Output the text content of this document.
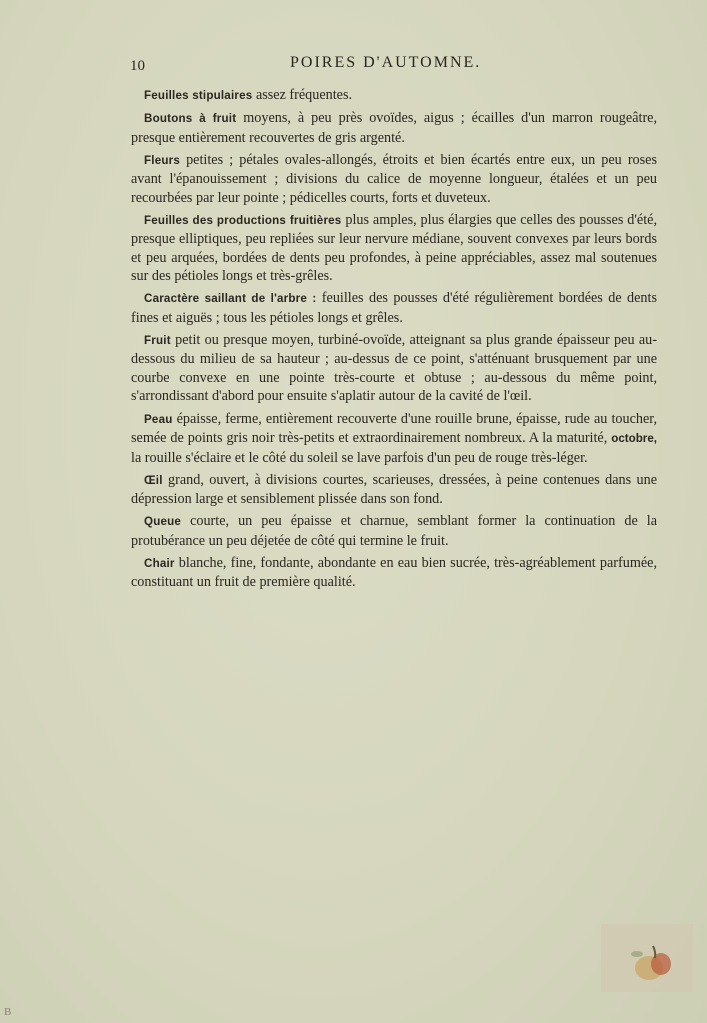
10	POIRES D'AUTOMNE.

Feuilles stipulaires assez fréquentes.

Boutons à fruit moyens, à peu près ovoïdes, aigus ; écailles d'un marron rougeâtre, presque entièrement recouvertes de gris argenté.

Fleurs petites ; pétales ovales-allongés, étroits et bien écartés entre eux, un peu roses avant l'épanouissement ; divisions du calice de moyenne longueur, étalées et un peu recourbées par leur pointe ; pédicelles courts, forts et duveteux.

Feuilles des productions fruitières plus amples, plus élargies que celles des pousses d'été, presque elliptiques, peu repliées sur leur nervure médiane, souvent convexes par leurs bords et peu arquées, bordées de dents peu profondes, à peine appréciables, assez mal soutenues sur des pétioles longs et très-grêles.

Caractère saillant de l'arbre : feuilles des pousses d'été régulièrement bordées de dents fines et aiguës ; tous les pétioles longs et grêles.

Fruit petit ou presque moyen, turbiné-ovoïde, atteignant sa plus grande épaisseur peu au-dessous du milieu de sa hauteur ; au-dessus de ce point, s'atténuant brusquement par une courbe convexe en une pointe très-courte et obtuse ; au-dessous du même point, s'arrondissant d'abord pour ensuite s'aplatir autour de la cavité de l'œil.

Peau épaisse, ferme, entièrement recouverte d'une rouille brune, épaisse, rude au toucher, semée de points gris noir très-petits et extraordinairement nombreux. A la maturité, octobre, la rouille s'éclaire et le côté du soleil se lave parfois d'un peu de rouge très-léger.

Œil grand, ouvert, à divisions courtes, scarieuses, dressées, à peine contenues dans une dépression large et sensiblement plissée dans son fond.

Queue courte, un peu épaisse et charnue, semblant former la continuation de la protubérance un peu déjetée de côté qui termine le fruit.

Chair blanche, fine, fondante, abondante en eau bien sucrée, très-agréablement parfumée, constituant un fruit de première qualité.

B
